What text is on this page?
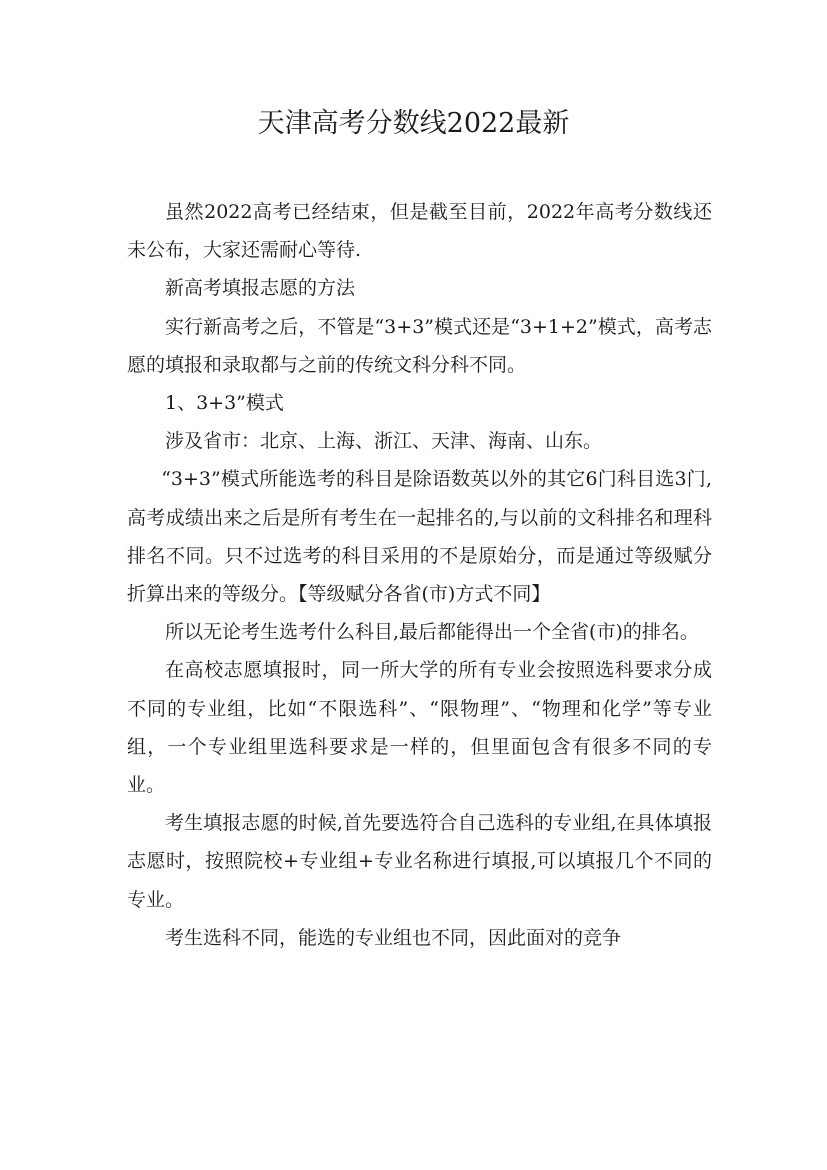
天津高考分数线2022最新

虽然2022高考已经结束，但是截至目前，2022年高考分数线还未公布，大家还需耐心等待.

新高考填报志愿的方法

实行新高考之后，不管是“3+3”模式还是“3+1+2”模式，高考志愿的填报和录取都与之前的传统文科分科不同。

1、3+3”模式

涉及省市：北京、上海、浙江、天津、海南、山东。

“3+3”模式所能选考的科目是除语数英以外的其它6门科目选3门,高考成绩出来之后是所有考生在一起排名的,与以前的文科排名和理科排名不同。只不过选考的科目采用的不是原始分，而是通过等级赋分折算出来的等级分。【等级赋分各省(市)方式不同】

所以无论考生选考什么科目,最后都能得出一个全省(市)的排名。

在高校志愿填报时，同一所大学的所有专业会按照选科要求分成不同的专业组，比如“不限选科”、“限物理”、“物理和化学”等专业组，一个专业组里选科要求是一样的，但里面包含有很多不同的专业。

考生填报志愿的时候,首先要选符合自己选科的专业组,在具体填报志愿时，按照院校+专业组+专业名称进行填报,可以填报几个不同的专业。

考生选科不同，能选的专业组也不同，因此面对的竞争
